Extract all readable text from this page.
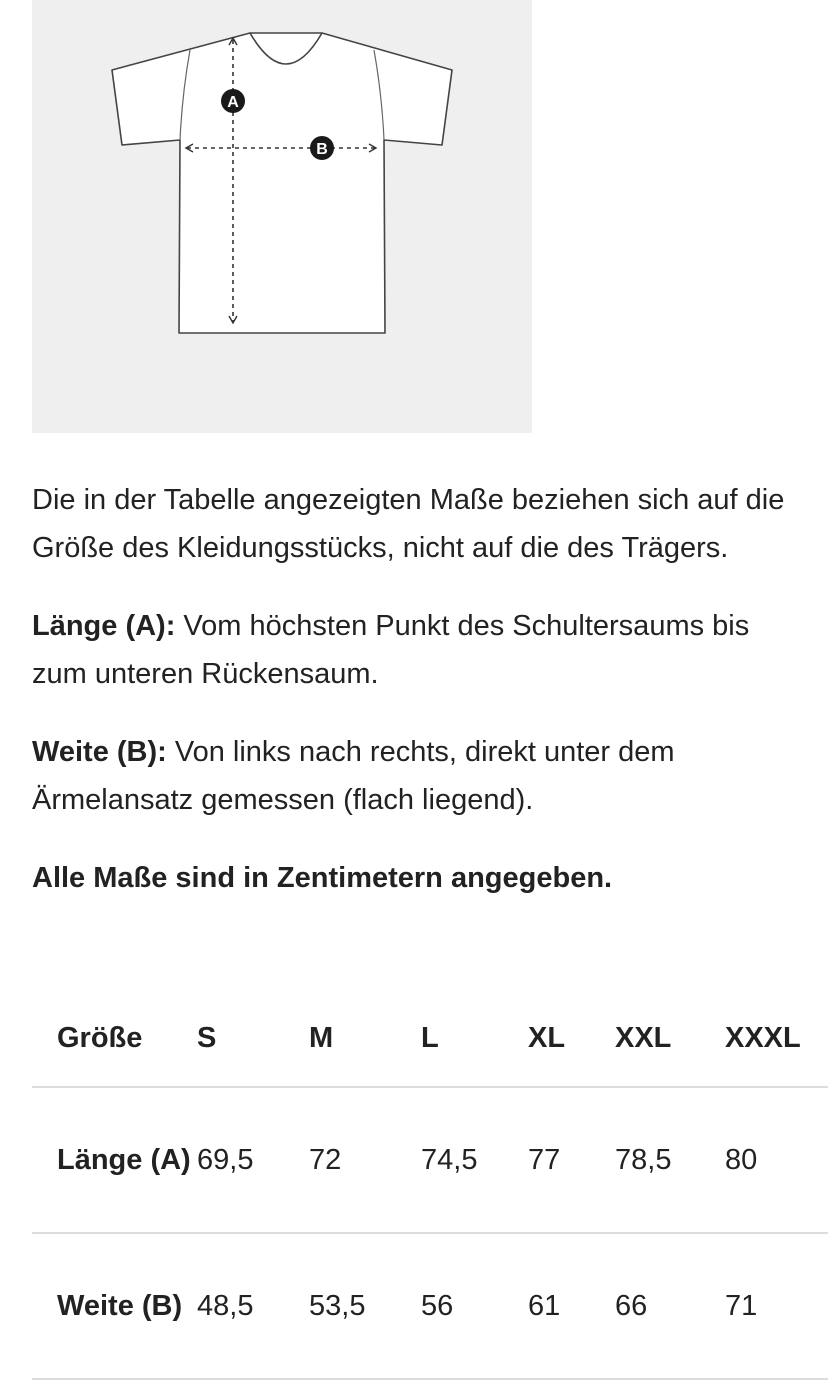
A
B

Die in der Tabelle angezeigten Maße beziehen sich auf die Größe des Kleidungsstücks, nicht auf die des Trägers.

Länge (A): Vom höchsten Punkt des Schultersaums bis zum unteren Rückensaum.

Weite (B): Von links nach rechts, direkt unter dem Ärmelansatz gemessen (flach liegend).

Alle Maße sind in Zentimetern angegeben.

Größe	S	M	L	XL	XXL	XXXL
Länge (A)	69,5	72	74,5	77	78,5	80
Weite (B)	48,5	53,5	56	61	66	71
